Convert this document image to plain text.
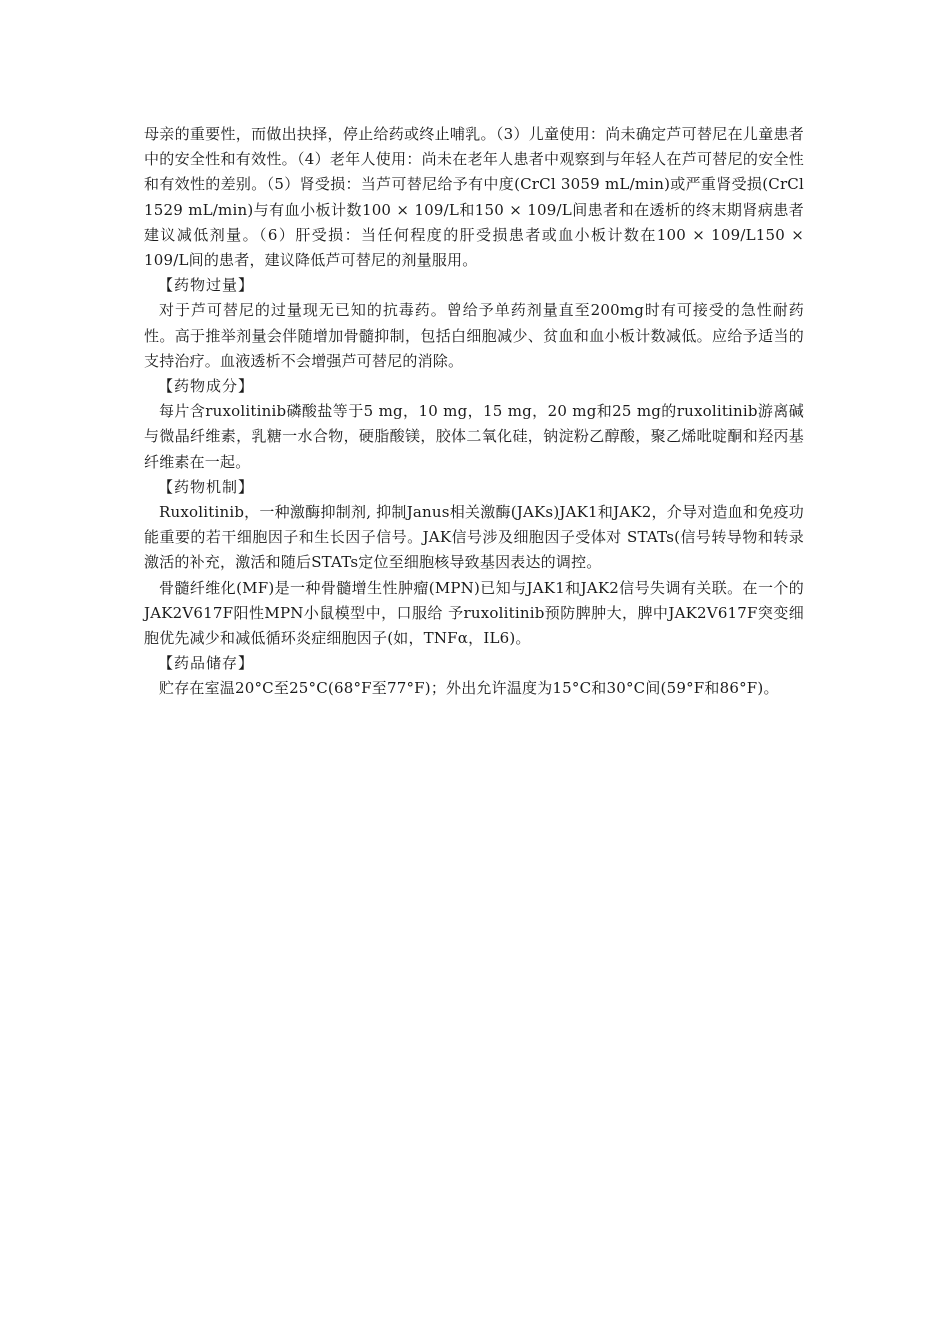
母亲的重要性，而做出抉择，停止给药或终止哺乳。（3）儿童使用：尚未确定芦可替尼在儿童患者中的安全性和有效性。（4）老年人使用：尚未在老年人患者中观察到与年轻人在芦可替尼的安全性和有效性的差别。（5）肾受损：当芦可替尼给予有中度(CrCl 3059 mL/min)或严重肾受损(CrCl 1529 mL/min)与有血小板计数100 × 109/L和150 × 109/L间患者和在透析的终末期肾病患者建议减低剂量。（6）肝受损：当任何程度的肝受损患者或血小板计数在100 × 109/L150 × 109/L间的患者，建议降低芦可替尼的剂量服用。

【药物过量】

对于芦可替尼的过量现无已知的抗毒药。曾给予单药剂量直至200mg时有可接受的急性耐药性。高于推举剂量会伴随增加骨髓抑制，包括白细胞减少、贫血和血小板计数减低。应给予适当的支持治疗。血液透析不会增强芦可替尼的消除。

【药物成分】

每片含ruxolitinib磷酸盐等于5 mg，10 mg，15 mg，20 mg和25 mg的ruxolitinib游离碱与微晶纤维素，乳糖一水合物，硬脂酸镁，胶体二氧化硅，钠淀粉乙醇酸，聚乙烯吡啶酮和羟丙基纤维素在一起。

【药物机制】

Ruxolitinib，一种激酶抑制剂, 抑制Janus相关激酶(JAKs)JAK1和JAK2，介导对造血和免疫功能重要的若干细胞因子和生长因子信号。JAK信号涉及细胞因子受体对 STATs(信号转导物和转录激活的补充，激活和随后STATs定位至细胞核导致基因表达的调控。

骨髓纤维化(MF)是一种骨髓增生性肿瘤(MPN)已知与JAK1和JAK2信号失调有关联。在一个的JAK2V617F阳性MPN小鼠模型中，口服给 予ruxolitinib预防脾肿大，脾中JAK2V617F突变细胞优先减少和减低循环炎症细胞因子(如，TNFα，IL6)。

【药品储存】

贮存在室温20°C至25°C(68°F至77°F)；外出允许温度为15°C和30°C间(59°F和86°F)。
